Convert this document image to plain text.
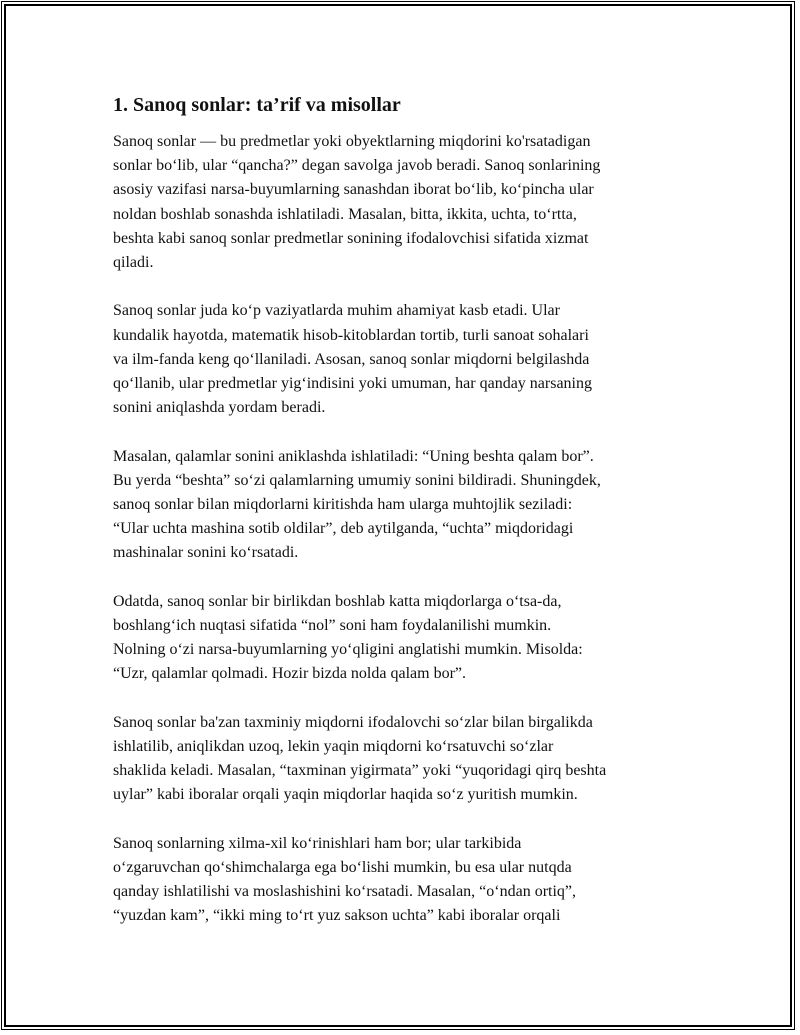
1. Sanoq sonlar: ta’rif va misollar

Sanoq sonlar — bu predmetlar yoki obyektlarning miqdorini ko'rsatadigan
sonlar bo‘lib, ular “qancha?” degan savolga javob beradi. Sanoq sonlarining
asosiy vazifasi narsa-buyumlarning sanashdan iborat bo‘lib, ko‘pincha ular
noldan boshlab sonashda ishlatiladi. Masalan, bitta, ikkita, uchta, to‘rtta,
beshta kabi sanoq sonlar predmetlar sonining ifodalovchisi sifatida xizmat
qiladi.

Sanoq sonlar juda ko‘p vaziyatlarda muhim ahamiyat kasb etadi. Ular
kundalik hayotda, matematik hisob-kitoblardan tortib, turli sanoat sohalari
va ilm-fanda keng qo‘llaniladi. Asosan, sanoq sonlar miqdorni belgilashda
qo‘llanib, ular predmetlar yig‘indisini yoki umuman, har qanday narsaning
sonini aniqlashda yordam beradi.

Masalan, qalamlar sonini aniklashda ishlatiladi: “Uning beshta qalam bor”.
Bu yerda “beshta” so‘zi qalamlarning umumiy sonini bildiradi. Shuningdek,
sanoq sonlar bilan miqdorlarni kiritishda ham ularga muhtojlik seziladi:
“Ular uchta mashina sotib oldilar”, deb aytilganda, “uchta” miqdoridagi
mashinalar sonini ko‘rsatadi.

Odatda, sanoq sonlar bir birlikdan boshlab katta miqdorlarga o‘tsa-da,
boshlang‘ich nuqtasi sifatida “nol” soni ham foydalanilishi mumkin.
Nolning o‘zi narsa-buyumlarning yo‘qligini anglatishi mumkin. Misolda:
“Uzr, qalamlar qolmadi. Hozir bizda nolda qalam bor”.

Sanoq sonlar ba'zan taxminiy miqdorni ifodalovchi so‘zlar bilan birgalikda
ishlatilib, aniqlikdan uzoq, lekin yaqin miqdorni ko‘rsatuvchi so‘zlar
shaklida keladi. Masalan, “taxminan yigirmata” yoki “yuqoridagi qirq beshta
uylar” kabi iboralar orqali yaqin miqdorlar haqida so‘z yuritish mumkin.

Sanoq sonlarning xilma-xil ko‘rinishlari ham bor; ular tarkibida
o‘zgaruvchan qo‘shimchalarga ega bo‘lishi mumkin, bu esa ular nutqda
qanday ishlatilishi va moslashishini ko‘rsatadi. Masalan, “o‘ndan ortiq”,
“yuzdan kam”, “ikki ming to‘rt yuz sakson uchta” kabi iboralar orqali
